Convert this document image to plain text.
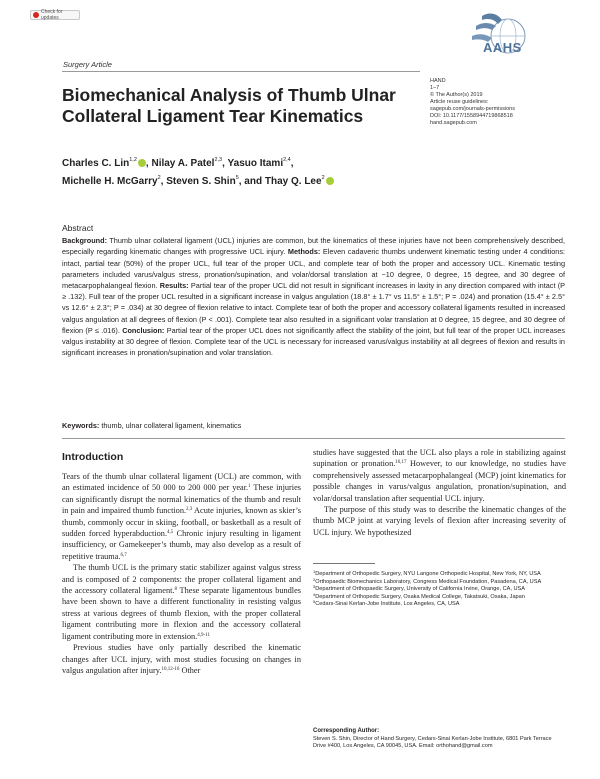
Check for updates
AAHS
Surgery Article
HAND
1–7
© The Author(s) 2019
Article reuse guidelines:
sagepub.com/journals-permissions
DOI: 10.1177/1558944719868518
hand.sagepub.com
Biomechanical Analysis of Thumb Ulnar Collateral Ligament Tear Kinematics
Charles C. Lin$^{1,2}$ , Nilay A. Patel$^{2,3}$, Yasuo Itami$^{2,4}$,
Michelle H. McGarry$^2$, Steven S. Shin$^5$, and Thay Q. Lee$^2$
Abstract
Background: Thumb ulnar collateral ligament (UCL) injuries are common, but the kinematics of these injuries have not been comprehensively described, especially regarding kinematic changes with progressive UCL injury. Methods: Eleven cadaveric thumbs underwent kinematic testing under 4 conditions: intact, partial tear (50%) of the proper UCL, full tear of the proper UCL, and complete tear of both the proper and accessory UCL. Kinematic testing parameters included varus/valgus stress, pronation/supination, and volar/dorsal translation at −10 degree, 0 degree, 15 degree, and 30 degree of metacarpophalangeal flexion. Results: Partial tear of the proper UCL did not result in significant increases in laxity in any direction compared with intact (P ≥ .132). Full tear of the proper UCL resulted in a significant increase in valgus angulation (18.8° ± 1.7° vs 11.5° ± 1.5°; P = .024) and pronation (15.4° ± 2.5° vs 12.6° ± 2.3°; P = .034) at 30 degree of flexion relative to intact. Complete tear of both the proper and accessory collateral ligaments resulted in increased valgus angulation at all degrees of flexion (P < .001). Complete tear also resulted in a significant volar translation at 0 degree, 15 degree, and 30 degree of flexion (P ≤ .016). Conclusion: Partial tear of the proper UCL does not significantly affect the stability of the joint, but full tear of the proper UCL increases valgus instability at 30 degree of flexion. Complete tear of the UCL is necessary for increased varus/valgus instability at all degrees of flexion and results in significant increases in pronation/supination and volar translation.
Keywords: thumb, ulnar collateral ligament, kinematics
Introduction

Tears of the thumb ulnar collateral ligament (UCL) are common, with an estimated incidence of 50 000 to 200 000 per year.$^1$ These injuries can significantly disrupt the normal kinematics of the thumb and result in pain and impaired thumb function.$^{2,3}$ Acute injuries, known as skier’s thumb, commonly occur in skiing, football, or basketball as a result of sudden forced hyperabduction.$^{4,5}$ Chronic injury resulting in ligament insufficiency, or Gamekeeper’s thumb, may also develop as a result of repetitive trauma.$^{6,7}$

The thumb UCL is the primary static stabilizer against valgus stress and is composed of 2 components: the proper collateral ligament and the accessory collateral ligament.$^8$ These separate ligamentous bundles have been shown to have a different functionality in resisting valgus stress at various degrees of thumb flexion, with the proper collateral ligament contributing more in flexion and the accessory collateral ligament contributing more in extension.$^{4,9-11}$

Previous studies have only partially described the kinematic changes after UCL injury, with most studies focusing on changes in valgus angulation after injury.$^{10,12-16}$ Other

studies have suggested that the UCL also plays a role in stabilizing against supination or pronation.$^{16,17}$ However, to our knowledge, no studies have comprehensively assessed metacarpophalangeal (MCP) joint kinematics for possible changes in varus/valgus angulation, pronation/supination, and volar/dorsal translation after sequential UCL injury.

The purpose of this study was to describe the kinematic changes of the thumb MCP joint at varying levels of flexion after increasing severity of UCL injury. We hypothesized

$^1$Department of Orthopedic Surgery, NYU Langone Orthopedic Hospital, New York, NY, USA
$^2$Orthopaedic Biomechanics Laboratory, Congress Medical Foundation, Pasadena, CA, USA
$^3$Department of Orthopaedic Surgery, University of California Irvine, Orange, CA, USA
$^4$Department of Orthopedic Surgery, Osaka Medical College, Takatsuki, Osaka, Japan
$^5$Cedars-Sinai Kerlan-Jobe Institute, Los Angeles, CA, USA
Corresponding Author:
Steven S. Shin, Director of Hand Surgery, Cedars-Sinai Kerlan-Jobe Institute, 6801 Park Terrace Drive #400, Los Angeles, CA 90045, USA. Email: orthohand@gmail.com
